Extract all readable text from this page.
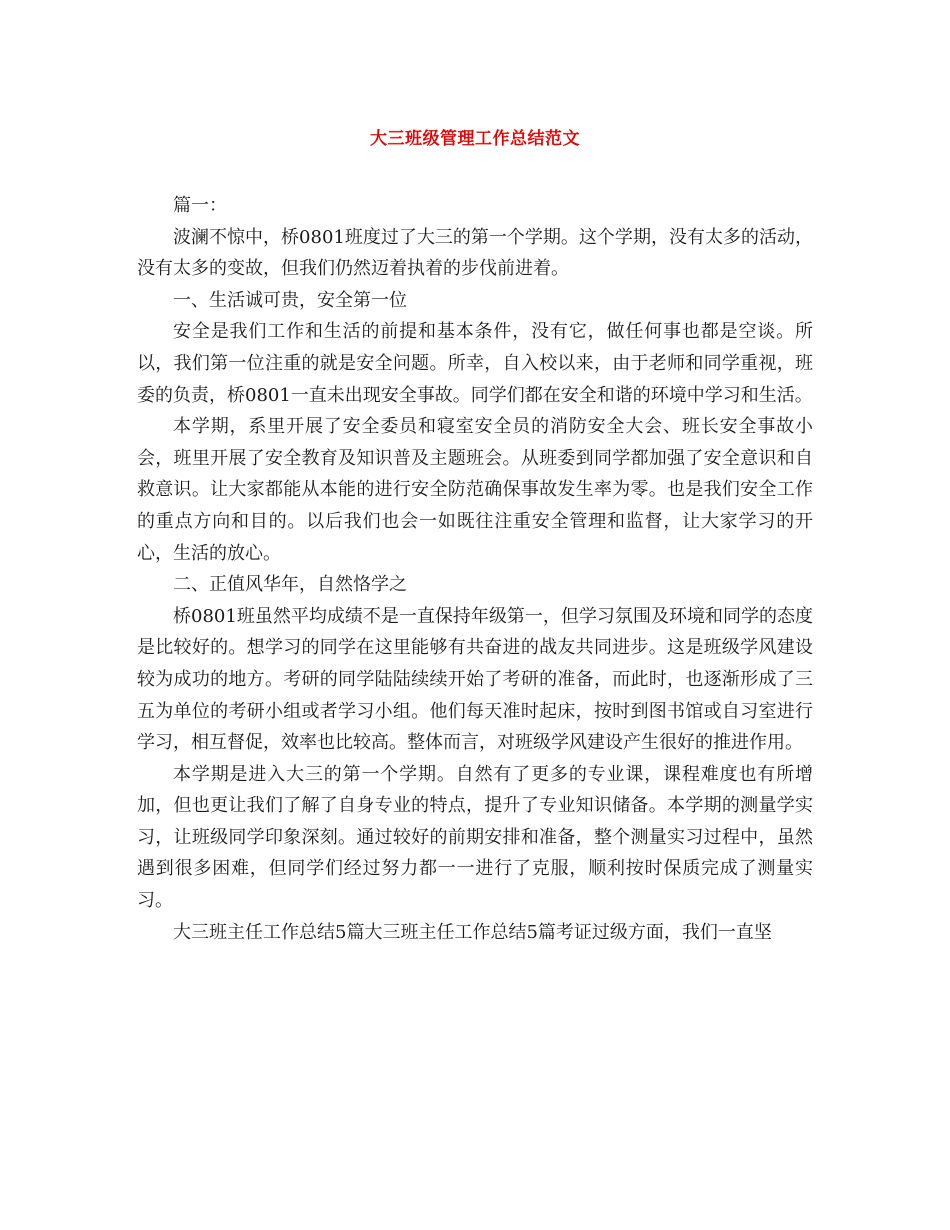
大三班级管理工作总结范文

篇一：

波澜不惊中，桥0801班度过了大三的第一个学期。这个学期，没有太多的活动，没有太多的变故，但我们仍然迈着执着的步伐前进着。

一、生活诚可贵，安全第一位

安全是我们工作和生活的前提和基本条件，没有它，做任何事也都是空谈。所以，我们第一位注重的就是安全问题。所幸，自入校以来，由于老师和同学重视，班委的负责，桥0801一直未出现安全事故。同学们都在安全和谐的环境中学习和生活。

本学期，系里开展了安全委员和寝室安全员的消防安全大会、班长安全事故小会，班里开展了安全教育及知识普及主题班会。从班委到同学都加强了安全意识和自救意识。让大家都能从本能的进行安全防范确保事故发生率为零。也是我们安全工作的重点方向和目的。以后我们也会一如既往注重安全管理和监督，让大家学习的开心，生活的放心。

二、正值风华年，自然恪学之

桥0801班虽然平均成绩不是一直保持年级第一，但学习氛围及环境和同学的态度是比较好的。想学习的同学在这里能够有共奋进的战友共同进步。这是班级学风建设较为成功的地方。考研的同学陆陆续续开始了考研的准备，而此时，也逐渐形成了三五为单位的考研小组或者学习小组。他们每天准时起床，按时到图书馆或自习室进行学习，相互督促，效率也比较高。整体而言，对班级学风建设产生很好的推进作用。

本学期是进入大三的第一个学期。自然有了更多的专业课，课程难度也有所增加，但也更让我们了解了自身专业的特点，提升了专业知识储备。本学期的测量学实习，让班级同学印象深刻。通过较好的前期安排和准备，整个测量实习过程中，虽然遇到很多困难，但同学们经过努力都一一进行了克服，顺利按时保质完成了测量实习。

大三班主任工作总结5篇大三班主任工作总结5篇考证过级方面，我们一直坚
